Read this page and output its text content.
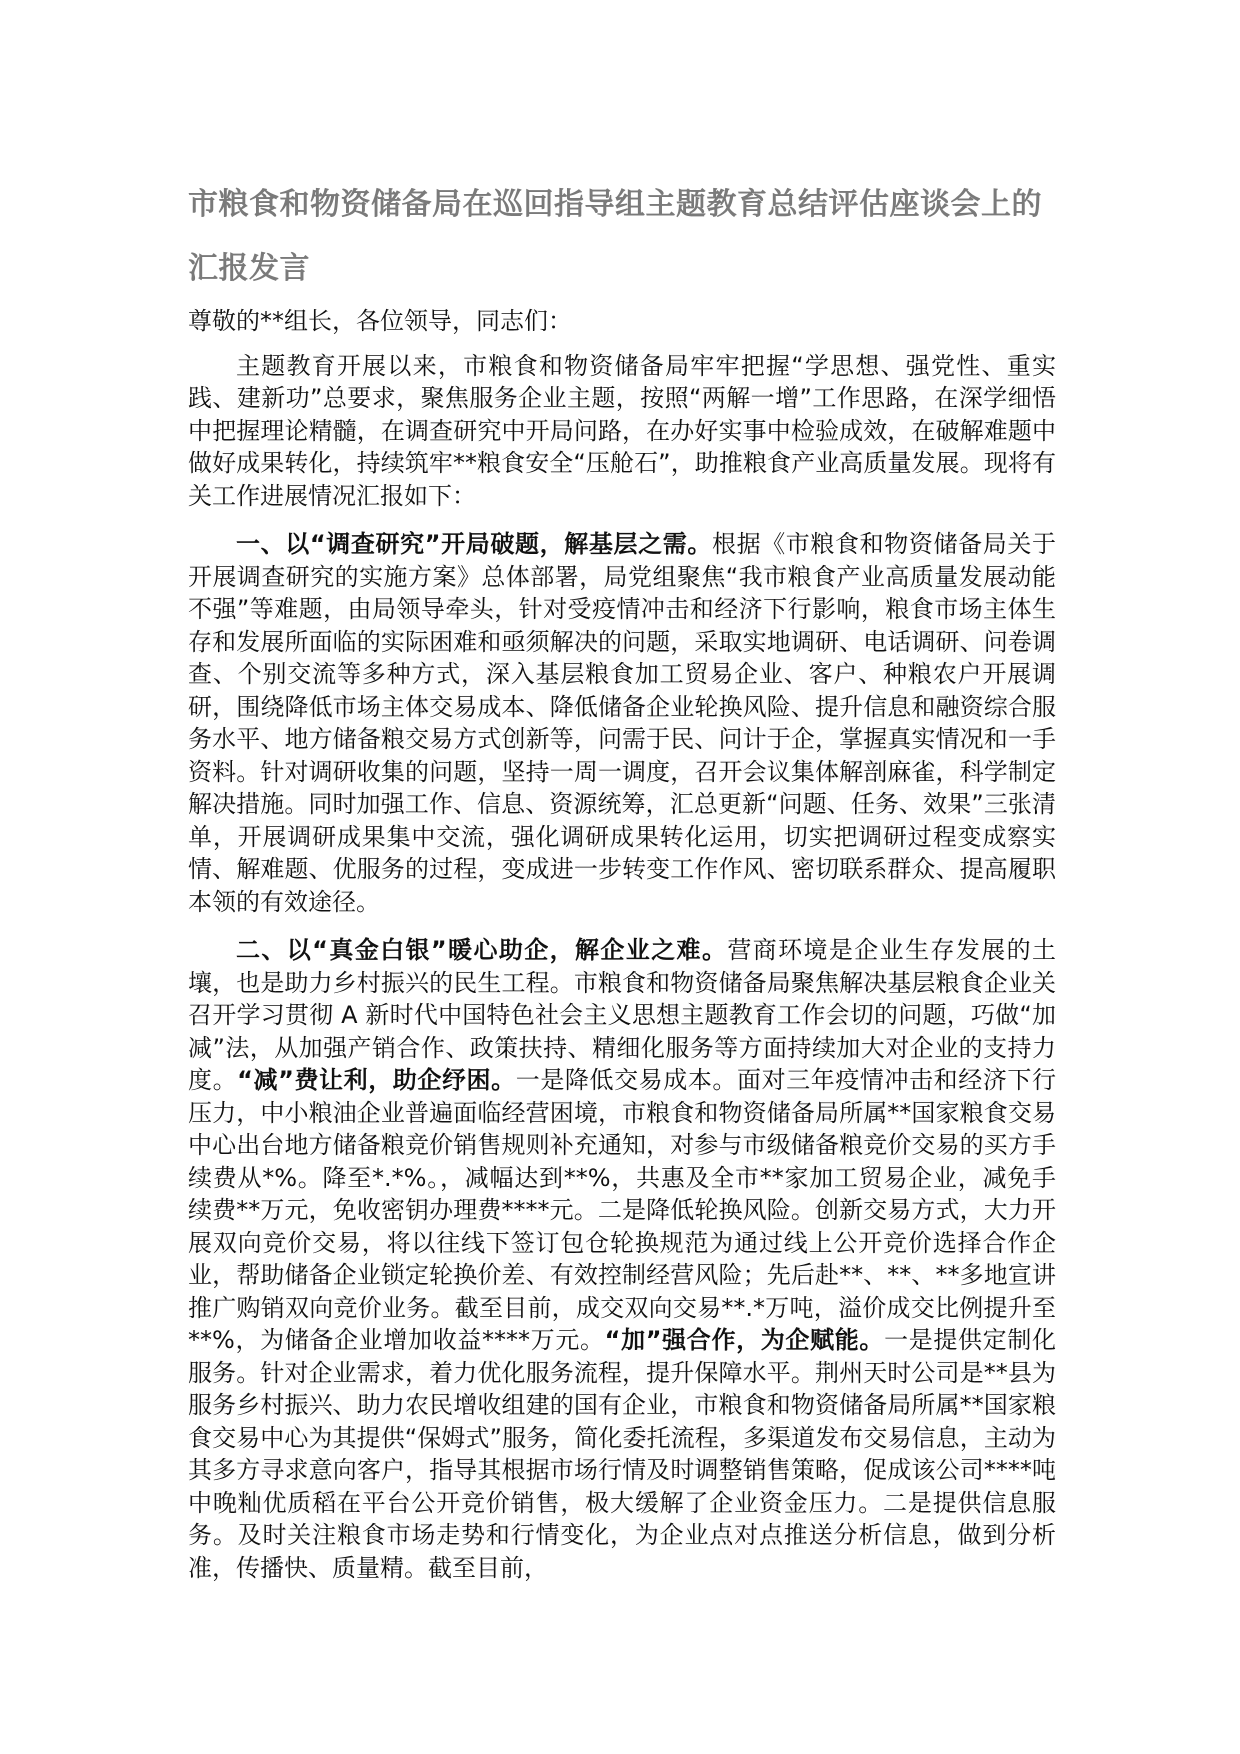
市粮食和物资储备局在巡回指导组主题教育总结评估座谈会上的汇报发言

尊敬的**组长，各位领导，同志们：

主题教育开展以来，市粮食和物资储备局牢牢把握“学思想、强党性、重实践、建新功”总要求，聚焦服务企业主题，按照“两解一增”工作思路，在深学细悟中把握理论精髓，在调查研究中开局问路，在办好实事中检验成效，在破解难题中做好成果转化，持续筑牢**粮食安全“压舱石”，助推粮食产业高质量发展。现将有关工作进展情况汇报如下：

一、以“调查研究”开局破题，解基层之需。根据《市粮食和物资储备局关于开展调查研究的实施方案》总体部署，局党组聚焦“我市粮食产业高质量发展动能不强”等难题，由局领导牵头，针对受疫情冲击和经济下行影响，粮食市场主体生存和发展所面临的实际困难和亟须解决的问题，采取实地调研、电话调研、问卷调查、个别交流等多种方式，深入基层粮食加工贸易企业、客户、种粮农户开展调研，围绕降低市场主体交易成本、降低储备企业轮换风险、提升信息和融资综合服务水平、地方储备粮交易方式创新等，问需于民、问计于企，掌握真实情况和一手资料。针对调研收集的问题，坚持一周一调度，召开会议集体解剖麻雀，科学制定解决措施。同时加强工作、信息、资源统筹，汇总更新“问题、任务、效果”三张清单，开展调研成果集中交流，强化调研成果转化运用，切实把调研过程变成察实情、解难题、优服务的过程，变成进一步转变工作作风、密切联系群众、提高履职本领的有效途径。

二、以“真金白银”暖心助企，解企业之难。营商环境是企业生存发展的土壤，也是助力乡村振兴的民生工程。市粮食和物资储备局聚焦解决基层粮食企业关召开学习贯彻 A 新时代中国特色社会主义思想主题教育工作会切的问题，巧做“加减”法，从加强产销合作、政策扶持、精细化服务等方面持续加大对企业的支持力度。“减”费让利，助企纾困。一是降低交易成本。面对三年疫情冲击和经济下行压力，中小粮油企业普遍面临经营困境，市粮食和物资储备局所属**国家粮食交易中心出台地方储备粮竞价销售规则补充通知，对参与市级储备粮竞价交易的买方手续费从*%。降至*.*%。，减幅达到**%，共惠及全市**家加工贸易企业，减免手续费**万元，免收密钥办理费****元。二是降低轮换风险。创新交易方式，大力开展双向竞价交易，将以往线下签订包仓轮换规范为通过线上公开竞价选择合作企业，帮助储备企业锁定轮换价差、有效控制经营风险；先后赴**、**、**多地宣讲推广购销双向竞价业务。截至目前，成交双向交易**.*万吨，溢价成交比例提升至**%，为储备企业增加收益****万元。“加”强合作，为企赋能。一是提供定制化服务。针对企业需求，着力优化服务流程，提升保障水平。荆州天时公司是**县为服务乡村振兴、助力农民增收组建的国有企业，市粮食和物资储备局所属**国家粮食交易中心为其提供“保姆式”服务，简化委托流程，多渠道发布交易信息，主动为其多方寻求意向客户，指导其根据市场行情及时调整销售策略，促成该公司****吨中晚籼优质稻在平台公开竞价销售，极大缓解了企业资金压力。二是提供信息服务。及时关注粮食市场走势和行情变化，为企业点对点推送分析信息，做到分析准，传播快、质量精。截至目前，
